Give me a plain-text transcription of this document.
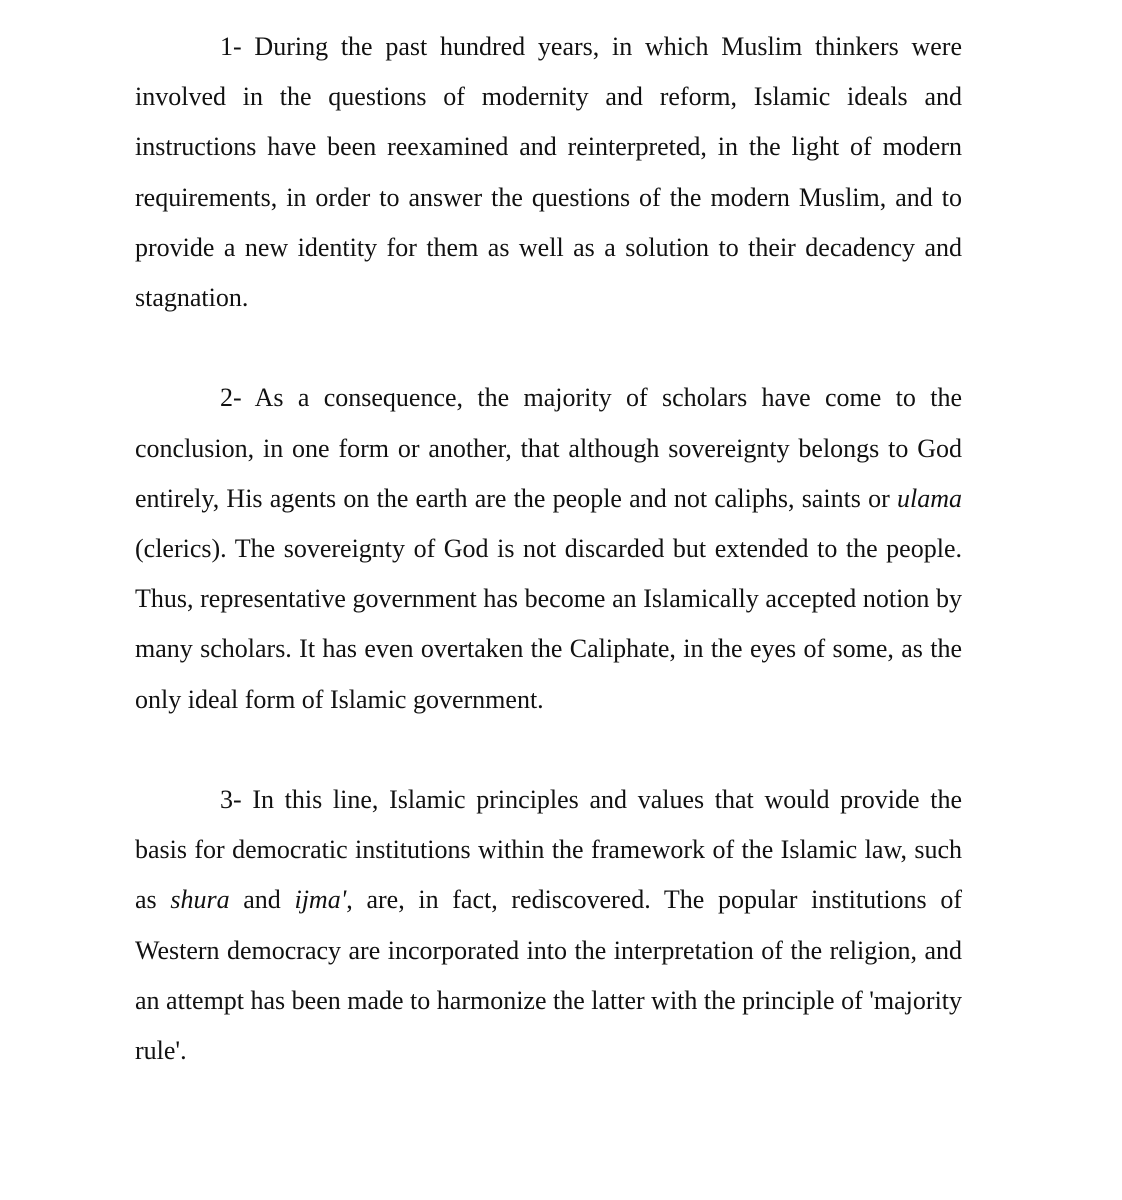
1- During the past hundred years, in which Muslim thinkers were involved in the questions of modernity and reform, Islamic ideals and instructions have been reexamined and reinterpreted, in the light of modern requirements, in order to answer the questions of the modern Muslim, and to provide a new identity for them as well as a solution to their decadency and stagnation.

2- As a consequence, the majority of scholars have come to the conclusion, in one form or another, that although sovereignty belongs to God entirely, His agents on the earth are the people and not caliphs, saints or ulama (clerics). The sovereignty of God is not discarded but extended to the people. Thus, representative government has become an Islamically accepted notion by many scholars. It has even overtaken the Caliphate, in the eyes of some, as the only ideal form of Islamic government.

3- In this line, Islamic principles and values that would provide the basis for democratic institutions within the framework of the Islamic law, such as shura and ijma', are, in fact, rediscovered. The popular institutions of Western democracy are incorporated into the interpretation of the religion, and an attempt has been made to harmonize the latter with the principle of 'majority rule'.
